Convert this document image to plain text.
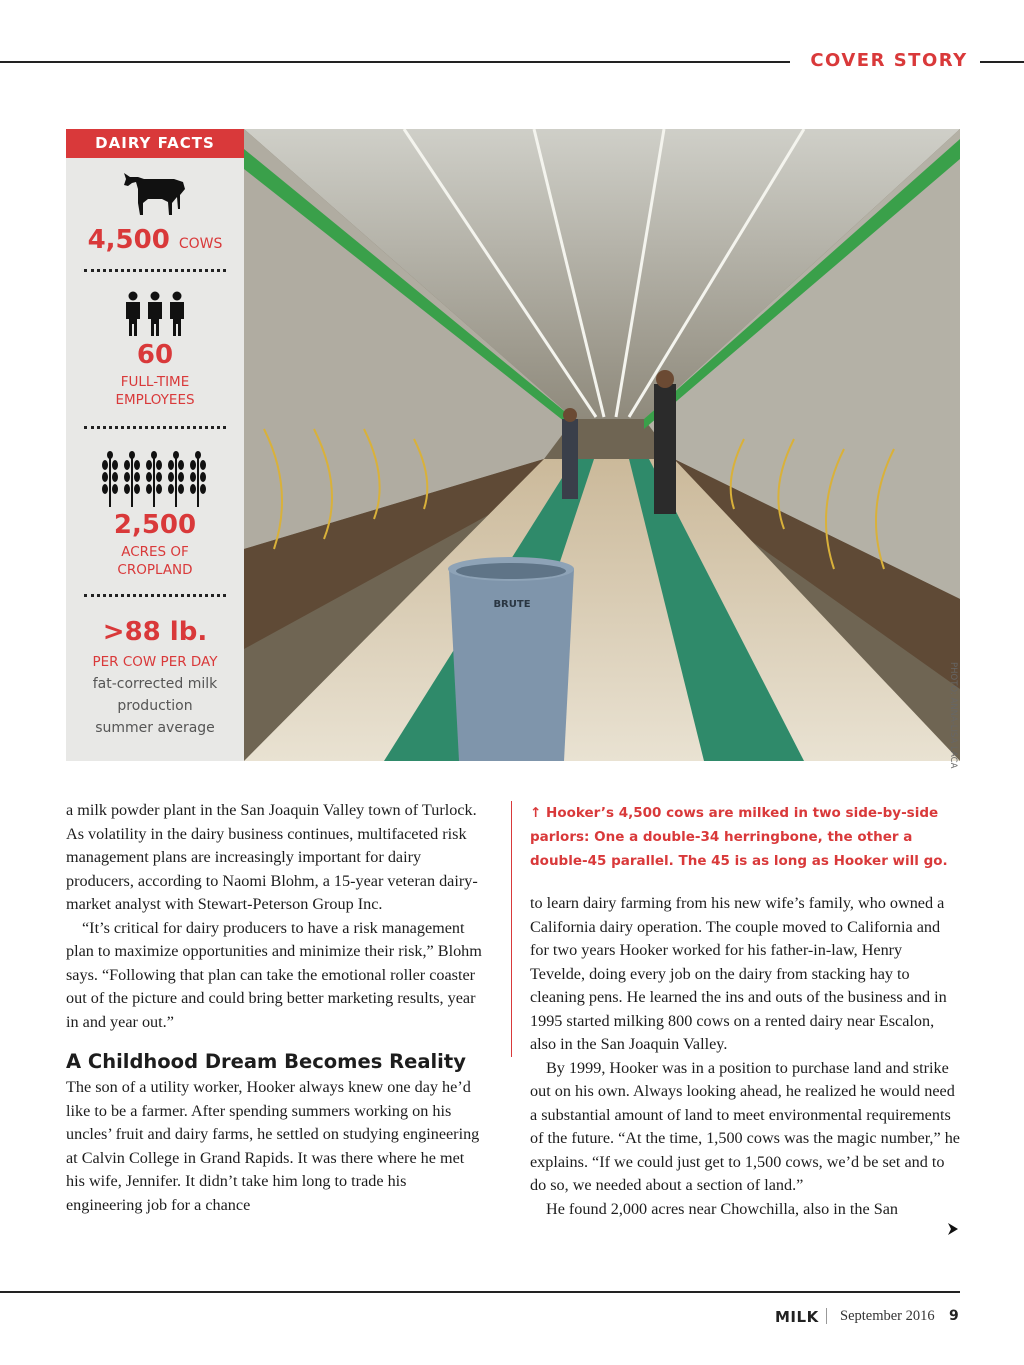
COVER STORY
DAIRY FACTS
4,500 COWS
60
FULL-TIME
EMPLOYEES
2,500
ACRES OF
CROPLAND
>88 lb.
PER COW PER DAY
fat-corrected milk
production
summer average
BRUTE
PHOTO: ANNA-LISA LACA

a milk powder plant in the San Joaquin Valley town of Turlock. As volatility in the dairy business continues, multifaceted risk management plans are increasingly important for dairy producers, according to Naomi Blohm, a 15-year veteran dairy-market analyst with Stewart-Peterson Group Inc.

“It’s critical for dairy producers to have a risk management plan to maximize opportunities and minimize their risk,” Blohm says. “Following that plan can take the emotional roller coaster out of the picture and could bring better marketing results, year in and year out.”

A Childhood Dream Becomes Reality

The son of a utility worker, Hooker always knew one day he’d like to be a farmer. After spending summers working on his uncles’ fruit and dairy farms, he settled on studying engineering at Calvin College in Grand Rapids. It was there where he met his wife, Jennifer. It didn’t take him long to trade his engineering job for a chance

↑ Hooker’s 4,500 cows are milked in two side-by-side parlors: One a double-34 herringbone, the other a double-45 parallel. The 45 is as long as Hooker will go.

to learn dairy farming from his new wife’s family, who owned a California dairy operation. The couple moved to California and for two years Hooker worked for his father-in-law, Henry Tevelde, doing every job on the dairy from stacking hay to cleaning pens. He learned the ins and outs of the business and in 1995 started milking 800 cows on a rented dairy near Escalon, also in the San Joaquin Valley.

By 1999, Hooker was in a position to purchase land and strike out on his own. Always looking ahead, he realized he would need a substantial amount of land to meet environmental requirements of the future. “At the time, 1,500 cows was the magic number,” he explains. “If we could just get to 1,500 cows, we’d be set and to do so, we needed about a section of land.”

He found 2,000 acres near Chowchilla, also in the San

MILK September 2016 9
